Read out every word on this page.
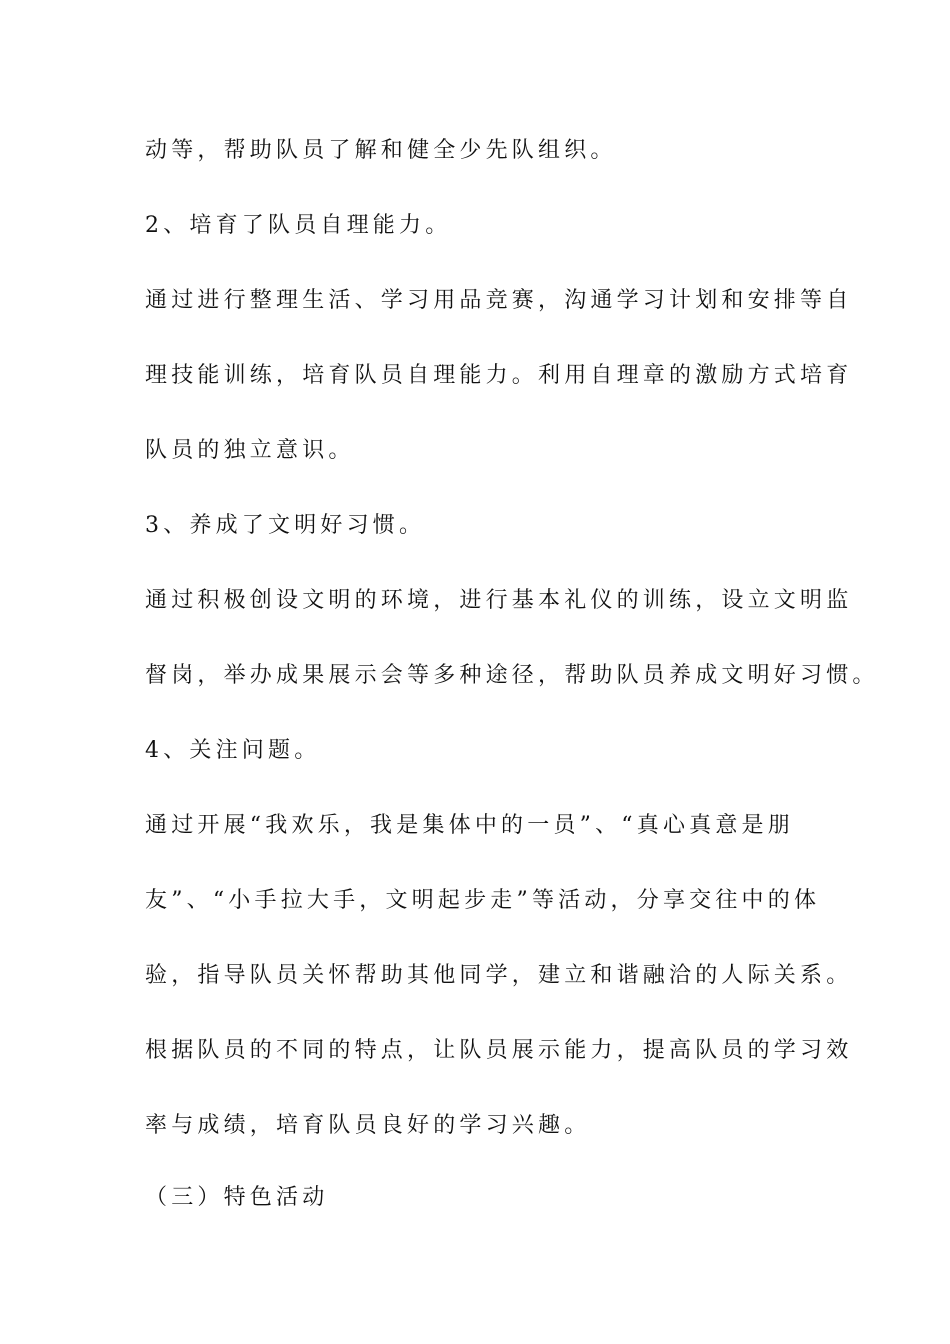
动等，帮助队员了解和健全少先队组织。
2、培育了队员自理能力。
通过进行整理生活、学习用品竞赛，沟通学习计划和安排等自
理技能训练，培育队员自理能力。利用自理章的激励方式培育
队员的独立意识。
3、养成了文明好习惯。
通过积极创设文明的环境，进行基本礼仪的训练，设立文明监
督岗，举办成果展示会等多种途径，帮助队员养成文明好习惯。
4、关注问题。
通过开展“我欢乐，我是集体中的一员”、“真心真意是朋
友”、“小手拉大手，文明起步走”等活动，分享交往中的体
验，指导队员关怀帮助其他同学，建立和谐融洽的人际关系。
根据队员的不同的特点，让队员展示能力，提高队员的学习效
率与成绩，培育队员良好的学习兴趣。
（三）特色活动
